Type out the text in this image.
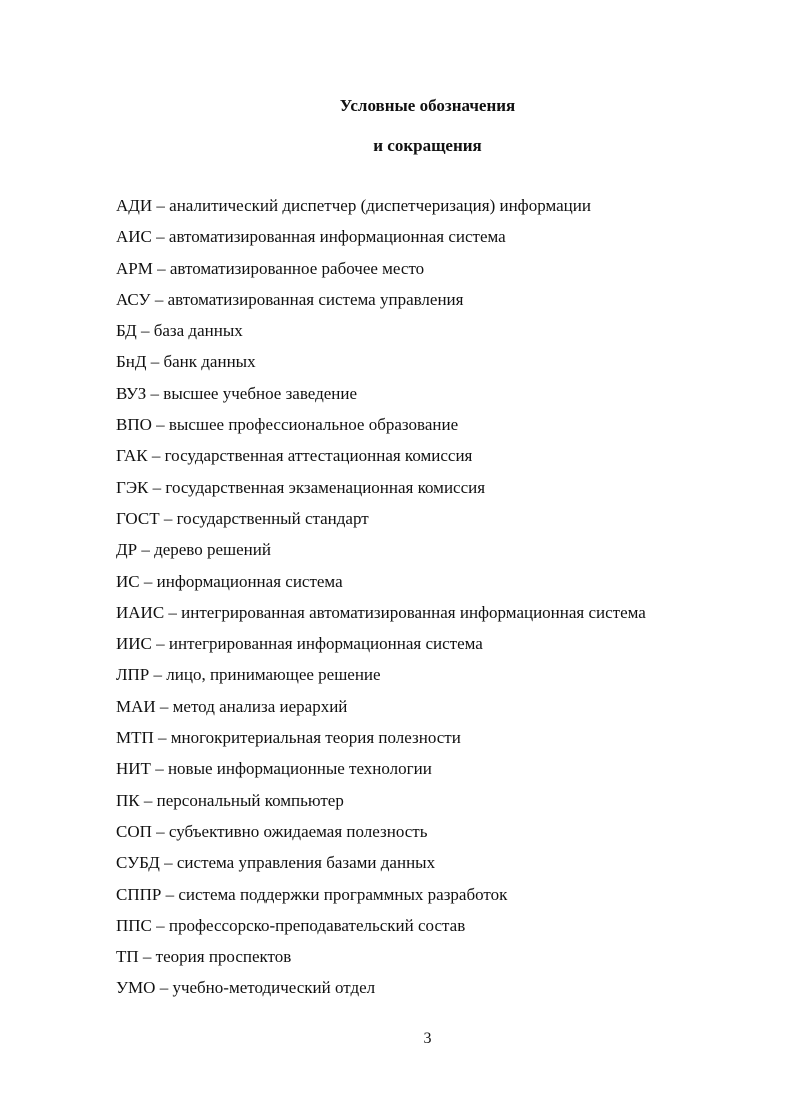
Условные обозначения
и сокращения
АДИ – аналитический диспетчер (диспетчеризация) информации
АИС – автоматизированная информационная система
АРМ – автоматизированное рабочее место
АСУ – автоматизированная система управления
БД – база данных
БнД – банк данных
ВУЗ – высшее учебное заведение
ВПО – высшее профессиональное образование
ГАК – государственная аттестационная комиссия
ГЭК – государственная экзаменационная комиссия
ГОСТ – государственный стандарт
ДР – дерево решений
ИС – информационная система
ИАИС – интегрированная автоматизированная информационная система
ИИС – интегрированная информационная система
ЛПР – лицо, принимающее решение
МАИ – метод анализа иерархий
МТП – многокритериальная теория полезности
НИТ – новые информационные технологии
ПК – персональный компьютер
СОП – субъективно ожидаемая полезность
СУБД – система управления базами данных
СППР – система поддержки программных разработок
ППС – профессорско-преподавательский состав
ТП – теория проспектов
УМО – учебно-методический отдел
3
